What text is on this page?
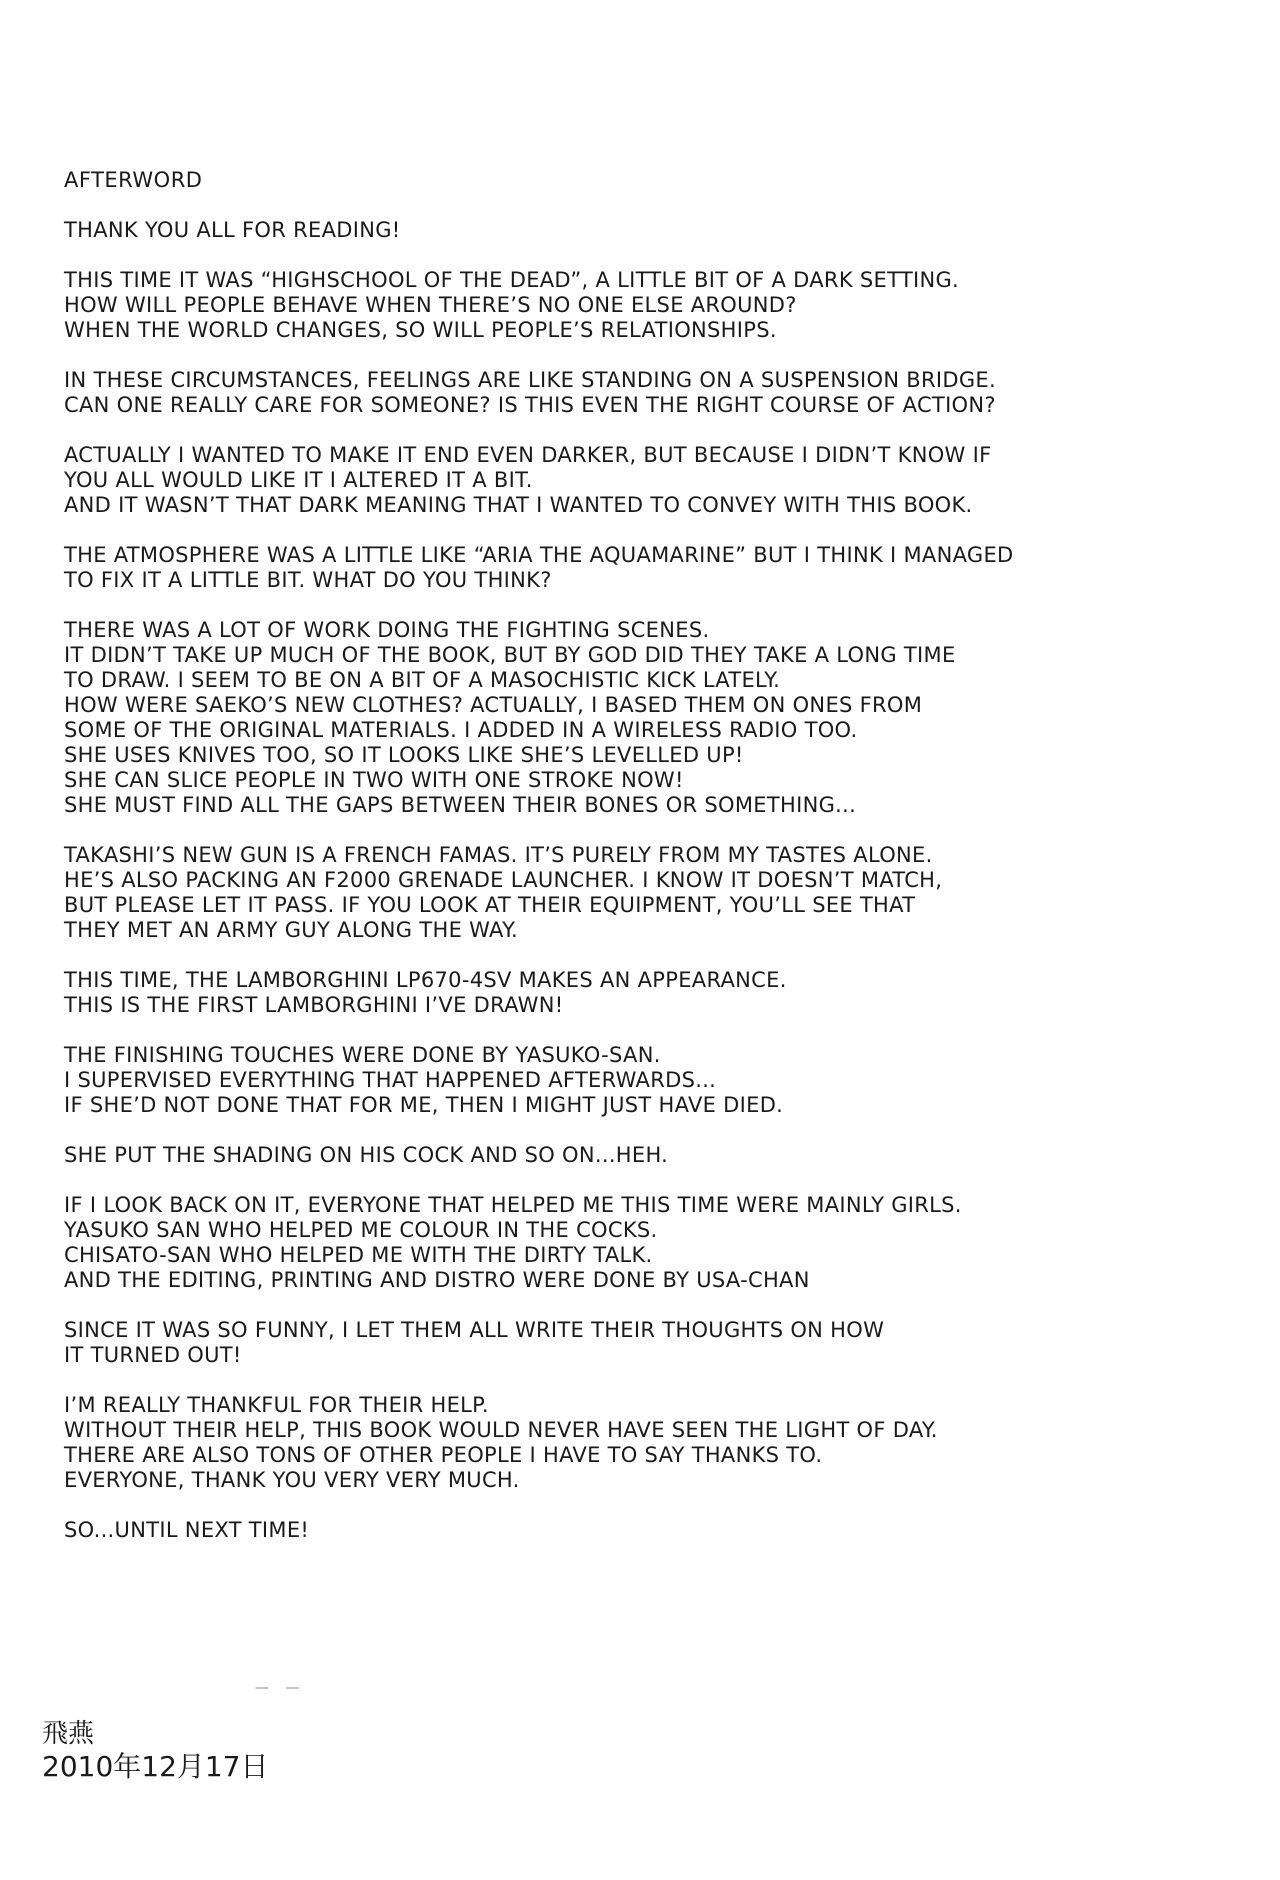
AFTERWORD
THANK YOU ALL FOR READING!
THIS TIME IT WAS “HIGHSCHOOL OF THE DEAD”, A LITTLE BIT OF A DARK SETTING.
HOW WILL PEOPLE BEHAVE WHEN THERE’S NO ONE ELSE AROUND?
WHEN THE WORLD CHANGES, SO WILL PEOPLE’S RELATIONSHIPS.
IN THESE CIRCUMSTANCES, FEELINGS ARE LIKE STANDING ON A SUSPENSION BRIDGE.
CAN ONE REALLY CARE FOR SOMEONE? IS THIS EVEN THE RIGHT COURSE OF ACTION?
ACTUALLY I WANTED TO MAKE IT END EVEN DARKER, BUT BECAUSE I DIDN’T KNOW IF
YOU ALL WOULD LIKE IT I ALTERED IT A BIT.
AND IT WASN’T THAT DARK MEANING THAT I WANTED TO CONVEY WITH THIS BOOK.
THE ATMOSPHERE WAS A LITTLE LIKE “ARIA THE AQUAMARINE” BUT I THINK I MANAGED
TO FIX IT A LITTLE BIT. WHAT DO YOU THINK?
THERE WAS A LOT OF WORK DOING THE FIGHTING SCENES.
IT DIDN’T TAKE UP MUCH OF THE BOOK, BUT BY GOD DID THEY TAKE A LONG TIME
TO DRAW. I SEEM TO BE ON A BIT OF A MASOCHISTIC KICK LATELY.
HOW WERE SAEKO’S NEW CLOTHES? ACTUALLY, I BASED THEM ON ONES FROM
SOME OF THE ORIGINAL MATERIALS. I ADDED IN A WIRELESS RADIO TOO.
SHE USES KNIVES TOO, SO IT LOOKS LIKE SHE’S LEVELLED UP!
SHE CAN SLICE PEOPLE IN TWO WITH ONE STROKE NOW!
SHE MUST FIND ALL THE GAPS BETWEEN THEIR BONES OR SOMETHING...
TAKASHI’S NEW GUN IS A FRENCH FAMAS. IT’S PURELY FROM MY TASTES ALONE.
HE’S ALSO PACKING AN F2000 GRENADE LAUNCHER. I KNOW IT DOESN’T MATCH,
BUT PLEASE LET IT PASS. IF YOU LOOK AT THEIR EQUIPMENT, YOU’LL SEE THAT
THEY MET AN ARMY GUY ALONG THE WAY.
THIS TIME, THE LAMBORGHINI LP670-4SV MAKES AN APPEARANCE.
THIS IS THE FIRST LAMBORGHINI I’VE DRAWN!
THE FINISHING TOUCHES WERE DONE BY YASUKO-SAN.
I SUPERVISED EVERYTHING THAT HAPPENED AFTERWARDS...
IF SHE’D NOT DONE THAT FOR ME, THEN I MIGHT JUST HAVE DIED.
SHE PUT THE SHADING ON HIS COCK AND SO ON...HEH.
IF I LOOK BACK ON IT, EVERYONE THAT HELPED ME THIS TIME WERE MAINLY GIRLS.
YASUKO SAN WHO HELPED ME COLOUR IN THE COCKS.
CHISATO-SAN WHO HELPED ME WITH THE DIRTY TALK.
AND THE EDITING, PRINTING AND DISTRO WERE DONE BY USA-CHAN
SINCE IT WAS SO FUNNY, I LET THEM ALL WRITE THEIR THOUGHTS ON HOW
IT TURNED OUT!
I’M REALLY THANKFUL FOR THEIR HELP.
WITHOUT THEIR HELP, THIS BOOK WOULD NEVER HAVE SEEN THE LIGHT OF DAY.
THERE ARE ALSO TONS OF OTHER PEOPLE I HAVE TO SAY THANKS TO.
EVERYONE, THANK YOU VERY VERY MUCH.
SO...UNTIL NEXT TIME!
— —
飛燕
2010年12月17日
